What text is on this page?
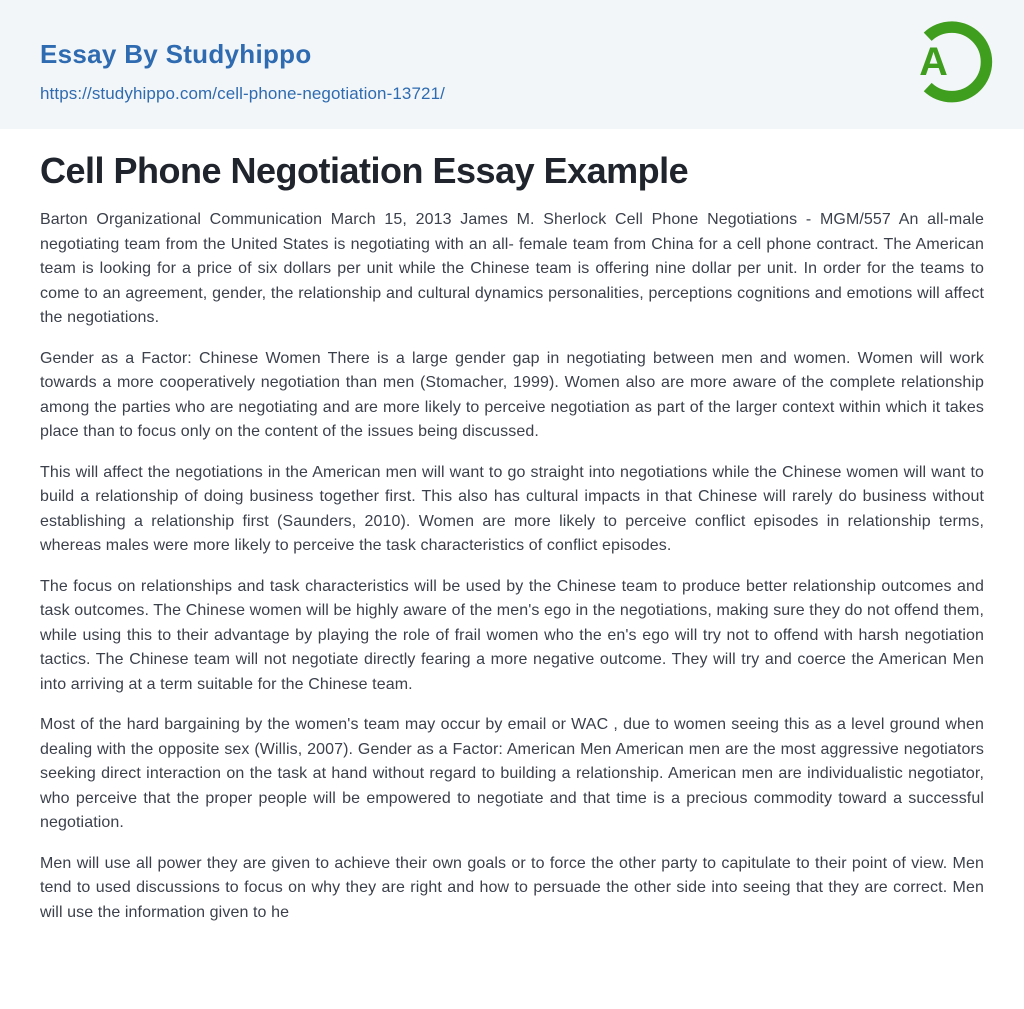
Essay By Studyhippo
https://studyhippo.com/cell-phone-negotiation-13721/
A
Cell Phone Negotiation Essay Example

Barton Organizational Communication March 15, 2013 James M. Sherlock Cell Phone Negotiations - MGM/557 An all-male negotiating team from the United States is negotiating with an all- female team from China for a cell phone contract. The American team is looking for a price of six dollars per unit while the Chinese team is offering nine dollar per unit. In order for the teams to come to an agreement, gender, the relationship and cultural dynamics personalities, perceptions cognitions and emotions will affect the negotiations.

Gender as a Factor: Chinese Women There is a large gender gap in negotiating between men and women. Women will work towards a more cooperatively negotiation than men (Stomacher, 1999). Women also are more aware of the complete relationship among the parties who are negotiating and are more likely to perceive negotiation as part of the larger context within which it takes place than to focus only on the content of the issues being discussed.

This will affect the negotiations in the American men will want to go straight into negotiations while the Chinese women will want to build a relationship of doing business together first. This also has cultural impacts in that Chinese will rarely do business without establishing a relationship first (Saunders, 2010). Women are more likely to perceive conflict episodes in relationship terms, whereas males were more likely to perceive the task characteristics of conflict episodes.

The focus on relationships and task characteristics will be used by the Chinese team to produce better relationship outcomes and task outcomes. The Chinese women will be highly aware of the men's ego in the negotiations, making sure they do not offend them, while using this to their advantage by playing the role of frail women who the en's ego will try not to offend with harsh negotiation tactics. The Chinese team will not negotiate directly fearing a more negative outcome. They will try and coerce the American Men into arriving at a term suitable for the Chinese team.

Most of the hard bargaining by the women's team may occur by email or WAC , due to women seeing this as a level ground when dealing with the opposite sex (Willis, 2007). Gender as a Factor: American Men American men are the most aggressive negotiators seeking direct interaction on the task at hand without regard to building a relationship. American men are individualistic negotiator, who perceive that the proper people will be empowered to negotiate and that time is a precious commodity toward a successful negotiation.

Men will use all power they are given to achieve their own goals or to force the other party to capitulate to their point of view. Men tend to used discussions to focus on why they are right and how to persuade the other side into seeing that they are correct. Men will use the information given to he
